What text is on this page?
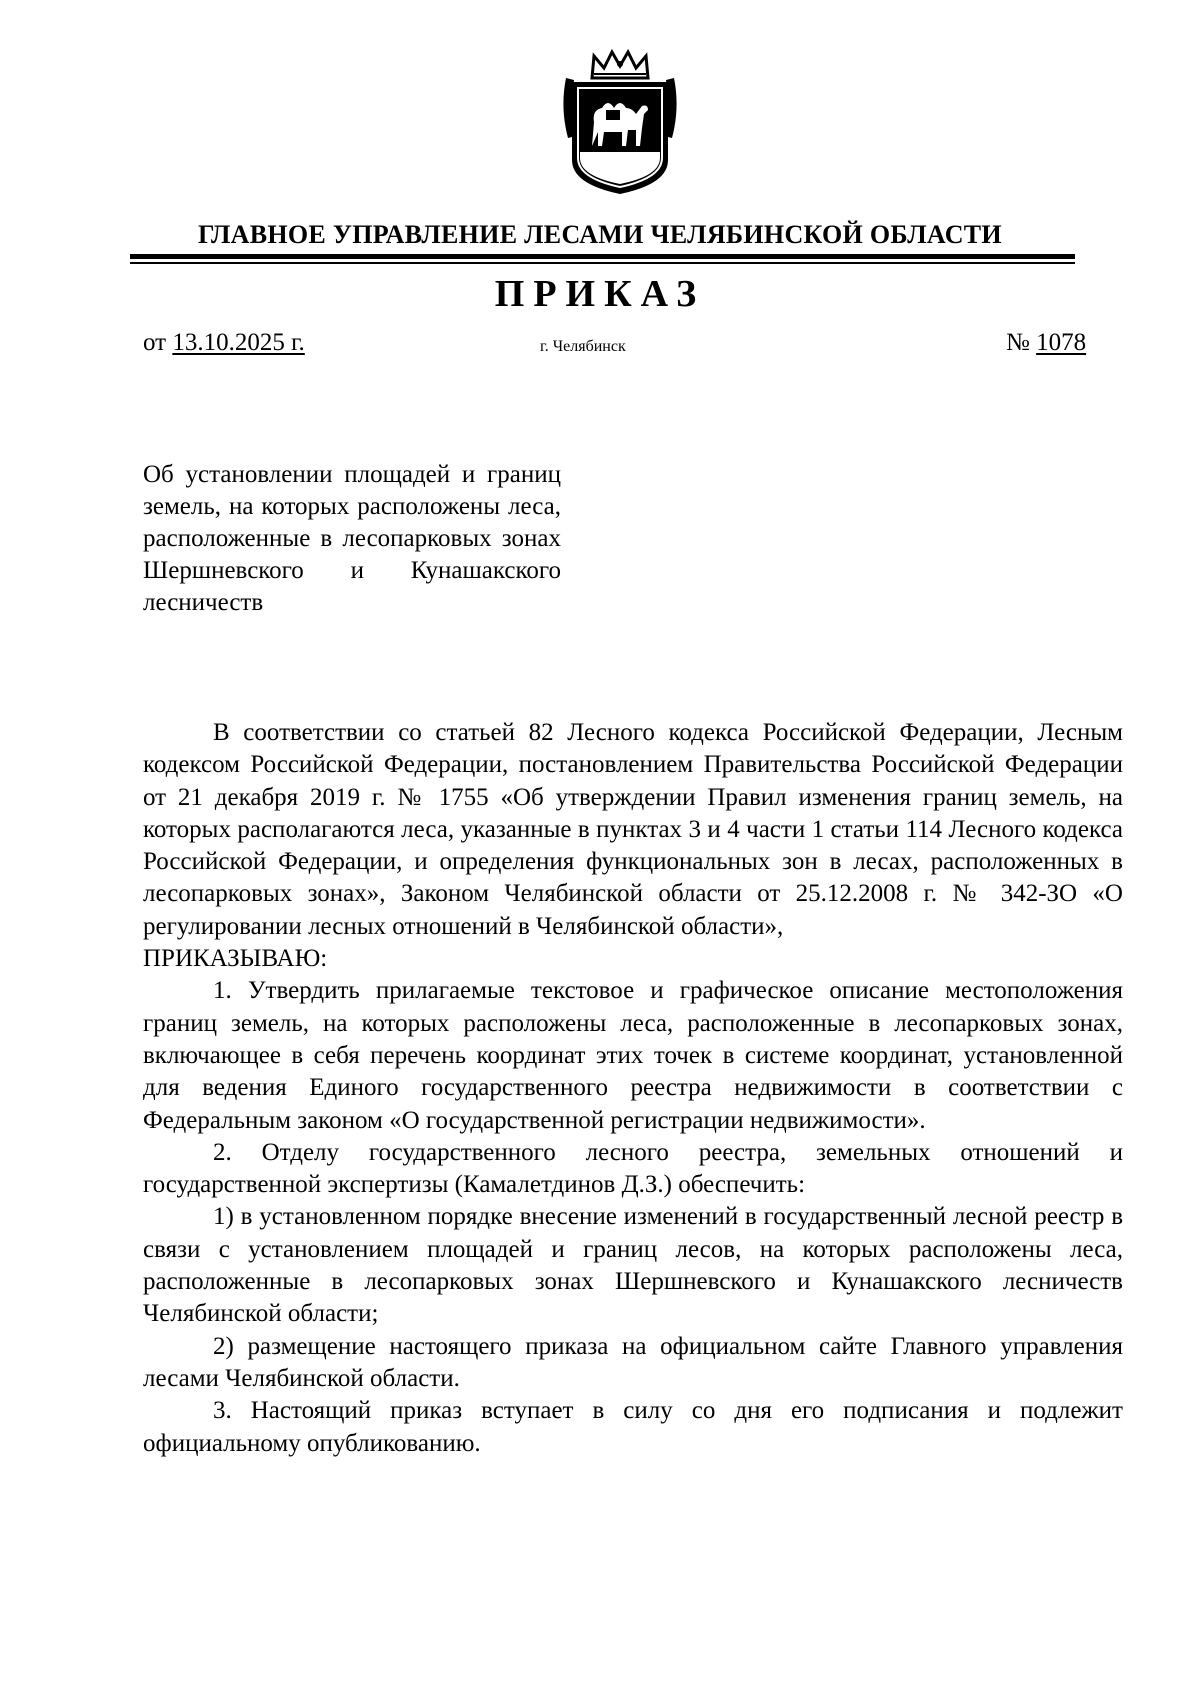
ГЛАВНОЕ УПРАВЛЕНИЕ ЛЕСАМИ ЧЕЛЯБИНСКОЙ ОБЛАСТИ
ПРИКАЗ
от 13.10.2025 г.	г. Челябинск	№ 1078

Об установлении площадей и границ земель, на которых расположены леса, расположенные в лесопарковых зонах Шершневского и Кунашакского лесничеств

В соответствии со статьей 82 Лесного кодекса Российской Федерации, Лесным кодексом Российской Федерации, постановлением Правительства Российской Федерации от 21 декабря 2019 г. № 1755 «Об утверждении Правил изменения границ земель, на которых располагаются леса, указанные в пунктах 3 и 4 части 1 статьи 114 Лесного кодекса Российской Федерации, и определения функциональных зон в лесах, расположенных в лесопарковых зонах», Законом Челябинской области от 25.12.2008 г. № 342-ЗО «О регулировании лесных отношений в Челябинской области»,

ПРИКАЗЫВАЮ:

1. Утвердить прилагаемые текстовое и графическое описание местоположения границ земель, на которых расположены леса, расположенные в лесопарковых зонах, включающее в себя перечень координат этих точек в системе координат, установленной для ведения Единого государственного реестра недвижимости в соответствии с Федеральным законом «О государственной регистрации недвижимости».

2. Отделу государственного лесного реестра, земельных отношений и государственной экспертизы (Камалетдинов Д.З.) обеспечить:

1) в установленном порядке внесение изменений в государственный лесной реестр в связи с установлением площадей и границ лесов, на которых расположены леса, расположенные в лесопарковых зонах Шершневского и Кунашакского лесничеств Челябинской области;

2) размещение настоящего приказа на официальном сайте Главного управления лесами Челябинской области.

3. Настоящий приказ вступает в силу со дня его подписания и подлежит официальному опубликованию.
